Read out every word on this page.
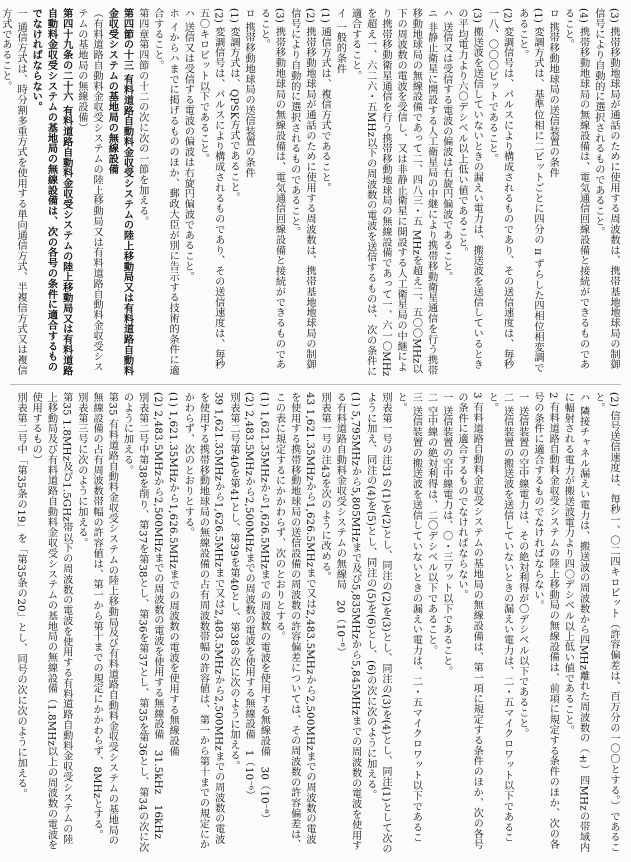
(3) 携帯移動地球局が通話のために使用する周波数は、携帯基地地球局の制御信号により自動的に選択されるものであること。

(4) 携帯移動地球局の無線設備は、電気通信回線設備と接続ができるものであること。

ロ 携帯移動地球局の送信装置の条件

(1) 変調方式は、基準位相に二ビットごとに四分の π ずらした四相位相変調であること。

(2) 変調信号は、パルスにより構成されるものであり、その送信速度は、毎秒一八、〇〇〇ビットであること。

(3) 搬送波を送信していないときの漏えい電力は、搬送波を送信しているときの平均電力より六〇デシベル以上低い値であること。

ハ 送信又は受信する電波の偏波は右旋円偏波であること。

ニ 非静止衛星に開設する人工衛星局の中継により携帯移動衛星通信を行う携帯移動地球局の無線設備であって二、四八三・五 MHzを超え二、五〇〇MHz以下の周波数の電波を受信し、又は非静止衛星に開設する人工衛星局の中継により携帯移動衛星通信を行う携帯移動地球局の無線設備であって一、六一〇MHzを超え一、六二六・五MHz以下の周波数の電波を送信するものは、次の条件に適合すること。

イ 一般的条件

(1) 通信方式は、複信方式であること。

(2) 携帯移動地球局が通話のために使用する周波数は、携帯基地地球局の制御信号により自動的に選択されるものであること。

(3) 携帯移動地球局の無線設備は、電気通信回線設備と接続ができるものであること。

ロ 携帯移動地球局の送信装置の条件

(1) 変調方式は、QPSK方式であること。

(2) 変調信号は、パルスにより構成されるものであり、その送信速度は、毎秒五〇キロビット以下であること。

ハ 送信又は受信する電波の偏波は右旋円偏波であること。

ホ イからハまでに掲げるもののほか、郵政大臣が別に告示する技術的条件に適合すること。

第四章第四節の十二の次に次の一節を加える。

第四節の十三 有料道路自動料金収受システムの陸上移動局又は有料道路自動料金収受システムの基地局の無線設備

（有料道路自動料金収受システムの陸上移動局又は有料道路自動料金収受システムの基地局の無線設備）

第四十九条の二十六 有料道路自動料金収受システムの陸上移動局又は有料道路自動料金収受システムの基地局の無線設備は、次の各号の条件に適合するものでなければならない。

一 通信方式は、時分割多重方式を使用する単向通信方式、半複信方式又は複信方式であること。

(2) 信号送信速度は、毎秒一、〇二四キロビット（許容偏差は、百万分の一〇〇とする。）であること。

ハ 隣接チャネル漏えい電力は、搬送波の周波数から四MHz離れた周波数の（±）四MHzの帯域内に輻射される電力が搬送波電力より四〇デシベル以上低い値であること。

2 有料道路自動料金収受システムの陸上移動局の無線設備は、前項に規定する条件のほか、次の各号の条件に適合するものでなければならない。

一 送信装置の空中線電力は、その絶対利得が〇デシベル以下であること。

二 送信装置の搬送波を送信していないときの漏えい電力は、二・五マイクロワット以下であること。

3 有料道路自動料金収受システムの基地局の無線設備は、第一項に規定する条件のほか、次の各号の条件に適合するものでなければならない。

一 送信装置の空中線電力は、〇・三ワット以下であること。

二 空中線の絶対利得は、二〇デシベル以下であること。

三 送信装置の搬送波を送信していないときの漏えい電力は、二・五マイクロワット以下であること。

別表第一号の注31の(1)を(2)とし、同注の(2)を(3)とし、同注の(3)を(4)とし、同注(1)として次のように加え、同注の(4)を(5)とし、同注の(5)を(6)とし、(6)の次に次のように加える。

(1) 5,795MHzから5,805MHzまで及び5,835MHzから5,845MHzまでの周波数の電波を使用する有料道路自動料金収受システムの無線局　20（10⁻⁶）

別表第一号の注43を次のように改める。

43 1,621.35MHzから1,626.5MHzまで又は2,483.5MHzから2,500MHzまでの周波数の電波を使用する携帯移動地球局の送信設備の周波数の許容偏差については、その周波数の許容偏差は、この表に規定するにかかわらず、次のとおりとする。

(1) 1,621.35MHzから1,626.5MHzまでの周波数の電波を使用する無線設備　30（10⁻⁶）

(2) 2,483.5MHzから2,500MHzまでの周波数の電波を使用する無線設備　1（10⁻⁶）

別表第二号第40を第41とし、第39を第40とし、第38の次に次のように加える。

39 1,621.35MHzから1,626.5MHzまで又は2,483.5MHzから2,500MHzまでの周波数の電波を使用する携帯移動地球局の無線設備の占有周波数帯幅の許容値は、第一から第十までの規定にかかわらず、次のとおりとする。

(1) 1,621.35MHzから1,626.5MHzまでの周波数の電波を使用する無線設備

(2) 2,483.5MHzから2,500MHzまでの周波数の電波を使用する無線設備　31.5kHz　16kHz

別表第二号中第38を削り、第37を第38とし、第36を第37とし、第35を第36とし、第34の次に次のように加える。

第35 有料道路自動料金収受システムの陸上移動局及び有料道路自動料金収受システムの基地局の無線設備の占有周波数帯幅の許容値は、第一から第十までの規定にかかわらず、8MHzとする。

別表第三号に次のように加える。

第35 1.8MHz及び1.5GHz帯以下の周波数の電波を使用する有料道路自動料金収受システムの陸上移動局及び有料道路自動料金収受システムの基地局の無線設備（1.8MHz以上の周波数の電波を使用するもの）

別表第二号中「第35条の19」を「第35条の20」とし、同号の次に次のように加える。
